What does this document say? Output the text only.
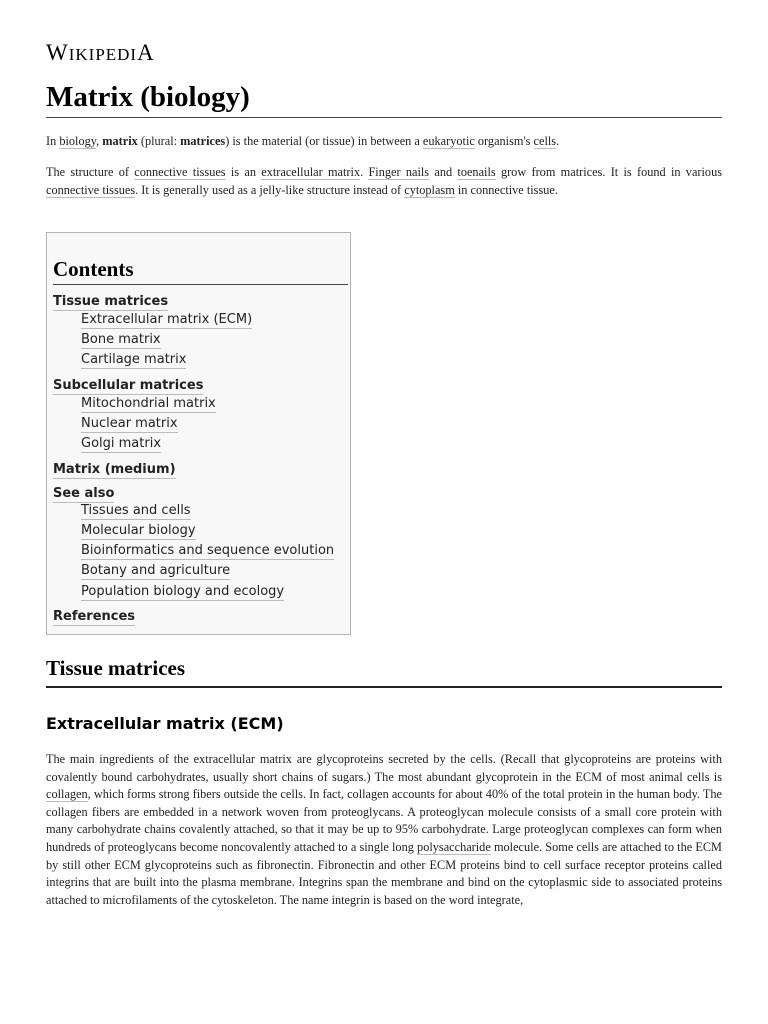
WIKIPEDIA
Matrix (biology)

In biology, matrix (plural: matrices) is the material (or tissue) in between a eukaryotic organism's cells.

The structure of connective tissues is an extracellular matrix. Finger nails and toenails grow from matrices. It is found in various connective tissues. It is generally used as a jelly-like structure instead of cytoplasm in connective tissue.

Contents
Tissue matrices
Extracellular matrix (ECM)
Bone matrix
Cartilage matrix
Subcellular matrices
Mitochondrial matrix
Nuclear matrix
Golgi matrix
Matrix (medium)
See also
Tissues and cells
Molecular biology
Bioinformatics and sequence evolution
Botany and agriculture
Population biology and ecology
References
Tissue matrices
Extracellular matrix (ECM)

The main ingredients of the extracellular matrix are glycoproteins secreted by the cells. (Recall that glycoproteins are proteins with covalently bound carbohydrates, usually short chains of sugars.) The most abundant glycoprotein in the ECM of most animal cells is collagen, which forms strong fibers outside the cells. In fact, collagen accounts for about 40% of the total protein in the human body. The collagen fibers are embedded in a network woven from proteoglycans. A proteoglycan molecule consists of a small core protein with many carbohydrate chains covalently attached, so that it may be up to 95% carbohydrate. Large proteoglycan complexes can form when hundreds of proteoglycans become noncovalently attached to a single long polysaccharide molecule. Some cells are attached to the ECM by still other ECM glycoproteins such as fibronectin. Fibronectin and other ECM proteins bind to cell surface receptor proteins called integrins that are built into the plasma membrane. Integrins span the membrane and bind on the cytoplasmic side to associated proteins attached to microfilaments of the cytoskeleton. The name integrin is based on the word integrate,
